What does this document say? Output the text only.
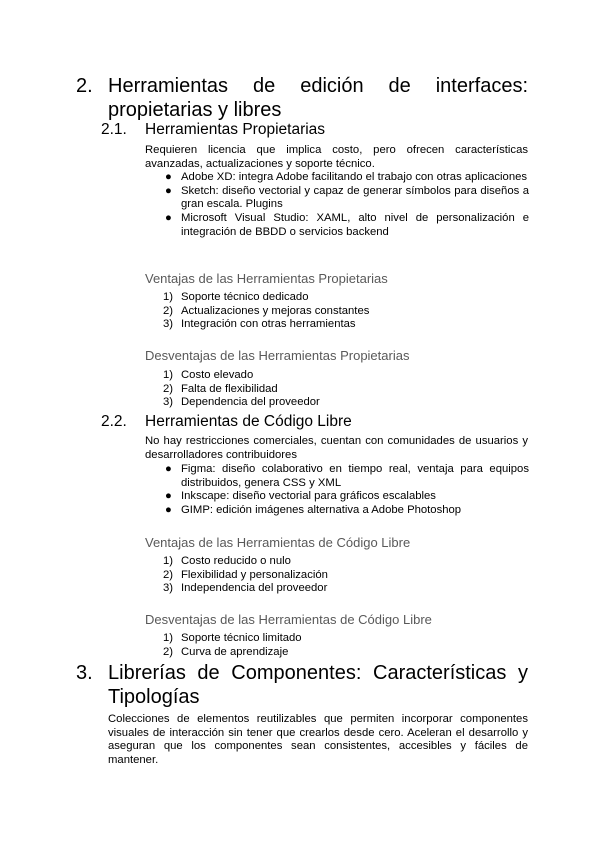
2. Herramientas de edición de interfaces: propietarias y libres
2.1. Herramientas Propietarias
Requieren licencia que implica costo, pero ofrecen características avanzadas, actualizaciones y soporte técnico.
● Adobe XD: integra Adobe facilitando el trabajo con otras aplicaciones
● Sketch: diseño vectorial y capaz de generar símbolos para diseños a gran escala. Plugins
● Microsoft Visual Studio: XAML, alto nivel de personalización e integración de BBDD o servicios backend
Ventajas de las Herramientas Propietarias
1) Soporte técnico dedicado
2) Actualizaciones y mejoras constantes
3) Integración con otras herramientas
Desventajas de las Herramientas Propietarias
1) Costo elevado
2) Falta de flexibilidad
3) Dependencia del proveedor
2.2. Herramientas de Código Libre
No hay restricciones comerciales, cuentan con comunidades de usuarios y desarrolladores contribuidores
● Figma: diseño colaborativo en tiempo real, ventaja para equipos distribuidos, genera CSS y XML
● Inkscape: diseño vectorial para gráficos escalables
● GIMP: edición imágenes alternativa a Adobe Photoshop
Ventajas de las Herramientas de Código Libre
1) Costo reducido o nulo
2) Flexibilidad y personalización
3) Independencia del proveedor
Desventajas de las Herramientas de Código Libre
1) Soporte técnico limitado
2) Curva de aprendizaje
3. Librerías de Componentes: Características y Tipologías
Colecciones de elementos reutilizables que permiten incorporar componentes visuales de interacción sin tener que crearlos desde cero. Aceleran el desarrollo y aseguran que los componentes sean consistentes, accesibles y fáciles de mantener.
